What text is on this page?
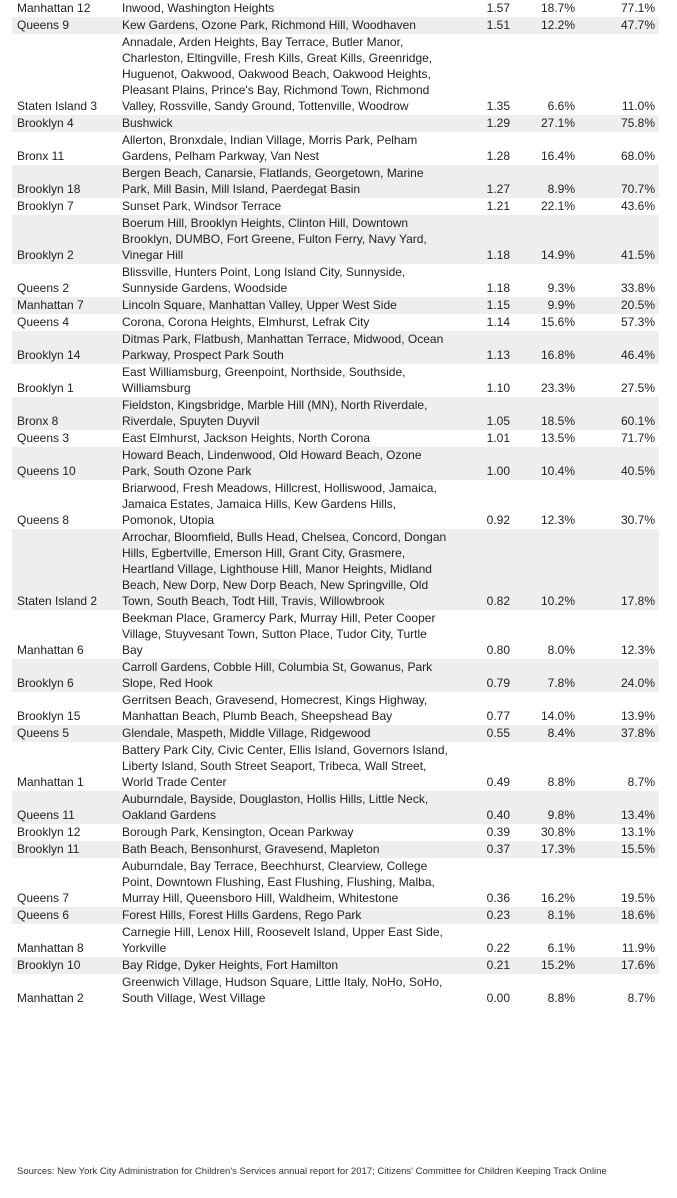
Manhattan 12	Inwood, Washington Heights	1.57	18.7%	77.1%
Queens 9	Kew Gardens, Ozone Park, Richmond Hill, Woodhaven	1.51	12.2%	47.7%
Staten Island 3	Annadale, Arden Heights, Bay Terrace, Butler Manor, Charleston, Eltingville, Fresh Kills, Great Kills, Greenridge, Huguenot, Oakwood, Oakwood Beach, Oakwood Heights, Pleasant Plains, Prince's Bay, Richmond Town, Richmond Valley, Rossville, Sandy Ground, Tottenville, Woodrow	1.35	6.6%	11.0%
Brooklyn 4	Bushwick	1.29	27.1%	75.8%
Bronx 11	Allerton, Bronxdale, Indian Village, Morris Park, Pelham Gardens, Pelham Parkway, Van Nest	1.28	16.4%	68.0%
Brooklyn 18	Bergen Beach, Canarsie, Flatlands, Georgetown, Marine Park, Mill Basin, Mill Island, Paerdegat Basin	1.27	8.9%	70.7%
Brooklyn 7	Sunset Park, Windsor Terrace	1.21	22.1%	43.6%
Brooklyn 2	Boerum Hill, Brooklyn Heights, Clinton Hill, Downtown Brooklyn, DUMBO, Fort Greene, Fulton Ferry, Navy Yard, Vinegar Hill	1.18	14.9%	41.5%
Queens 2	Blissville, Hunters Point, Long Island City, Sunnyside, Sunnyside Gardens, Woodside	1.18	9.3%	33.8%
Manhattan 7	Lincoln Square, Manhattan Valley, Upper West Side	1.15	9.9%	20.5%
Queens 4	Corona, Corona Heights, Elmhurst, Lefrak City	1.14	15.6%	57.3%
Brooklyn 14	Ditmas Park, Flatbush, Manhattan Terrace, Midwood, Ocean Parkway, Prospect Park South	1.13	16.8%	46.4%
Brooklyn 1	East Williamsburg, Greenpoint, Northside, Southside, Williamsburg	1.10	23.3%	27.5%
Bronx 8	Fieldston, Kingsbridge, Marble Hill (MN), North Riverdale, Riverdale, Spuyten Duyvil	1.05	18.5%	60.1%
Queens 3	East Elmhurst, Jackson Heights, North Corona	1.01	13.5%	71.7%
Queens 10	Howard Beach, Lindenwood, Old Howard Beach, Ozone Park, South Ozone Park	1.00	10.4%	40.5%
Queens 8	Briarwood, Fresh Meadows, Hillcrest, Holliswood, Jamaica, Jamaica Estates, Jamaica Hills, Kew Gardens Hills, Pomonok, Utopia	0.92	12.3%	30.7%
Staten Island 2	Arrochar, Bloomfield, Bulls Head, Chelsea, Concord, Dongan Hills, Egbertville, Emerson Hill, Grant City, Grasmere, Heartland Village, Lighthouse Hill, Manor Heights, Midland Beach, New Dorp, New Dorp Beach, New Springville, Old Town, South Beach, Todt Hill, Travis, Willowbrook	0.82	10.2%	17.8%
Manhattan 6	Beekman Place, Gramercy Park, Murray Hill, Peter Cooper Village, Stuyvesant Town, Sutton Place, Tudor City, Turtle Bay	0.80	8.0%	12.3%
Brooklyn 6	Carroll Gardens, Cobble Hill, Columbia St, Gowanus, Park Slope, Red Hook	0.79	7.8%	24.0%
Brooklyn 15	Gerritsen Beach, Gravesend, Homecrest, Kings Highway, Manhattan Beach, Plumb Beach, Sheepshead Bay	0.77	14.0%	13.9%
Queens 5	Glendale, Maspeth, Middle Village, Ridgewood	0.55	8.4%	37.8%
Manhattan 1	Battery Park City, Civic Center, Ellis Island, Governors Island, Liberty Island, South Street Seaport, Tribeca, Wall Street, World Trade Center	0.49	8.8%	8.7%
Queens 11	Auburndale, Bayside, Douglaston, Hollis Hills, Little Neck, Oakland Gardens	0.40	9.8%	13.4%
Brooklyn 12	Borough Park, Kensington, Ocean Parkway	0.39	30.8%	13.1%
Brooklyn 11	Bath Beach, Bensonhurst, Gravesend, Mapleton	0.37	17.3%	15.5%
Queens 7	Auburndale, Bay Terrace, Beechhurst, Clearview, College Point, Downtown Flushing, East Flushing, Flushing, Malba, Murray Hill, Queensboro Hill, Waldheim, Whitestone	0.36	16.2%	19.5%
Queens 6	Forest Hills, Forest Hills Gardens, Rego Park	0.23	8.1%	18.6%
Manhattan 8	Carnegie Hill, Lenox Hill, Roosevelt Island, Upper East Side, Yorkville	0.22	6.1%	11.9%
Brooklyn 10	Bay Ridge, Dyker Heights, Fort Hamilton	0.21	15.2%	17.6%
Manhattan 2	Greenwich Village, Hudson Square, Little Italy, NoHo, SoHo, South Village, West Village	0.00	8.8%	8.7%
Sources: New York City Administration for Children's Services annual report for 2017; Citizens' Committee for Children Keeping Track Online
